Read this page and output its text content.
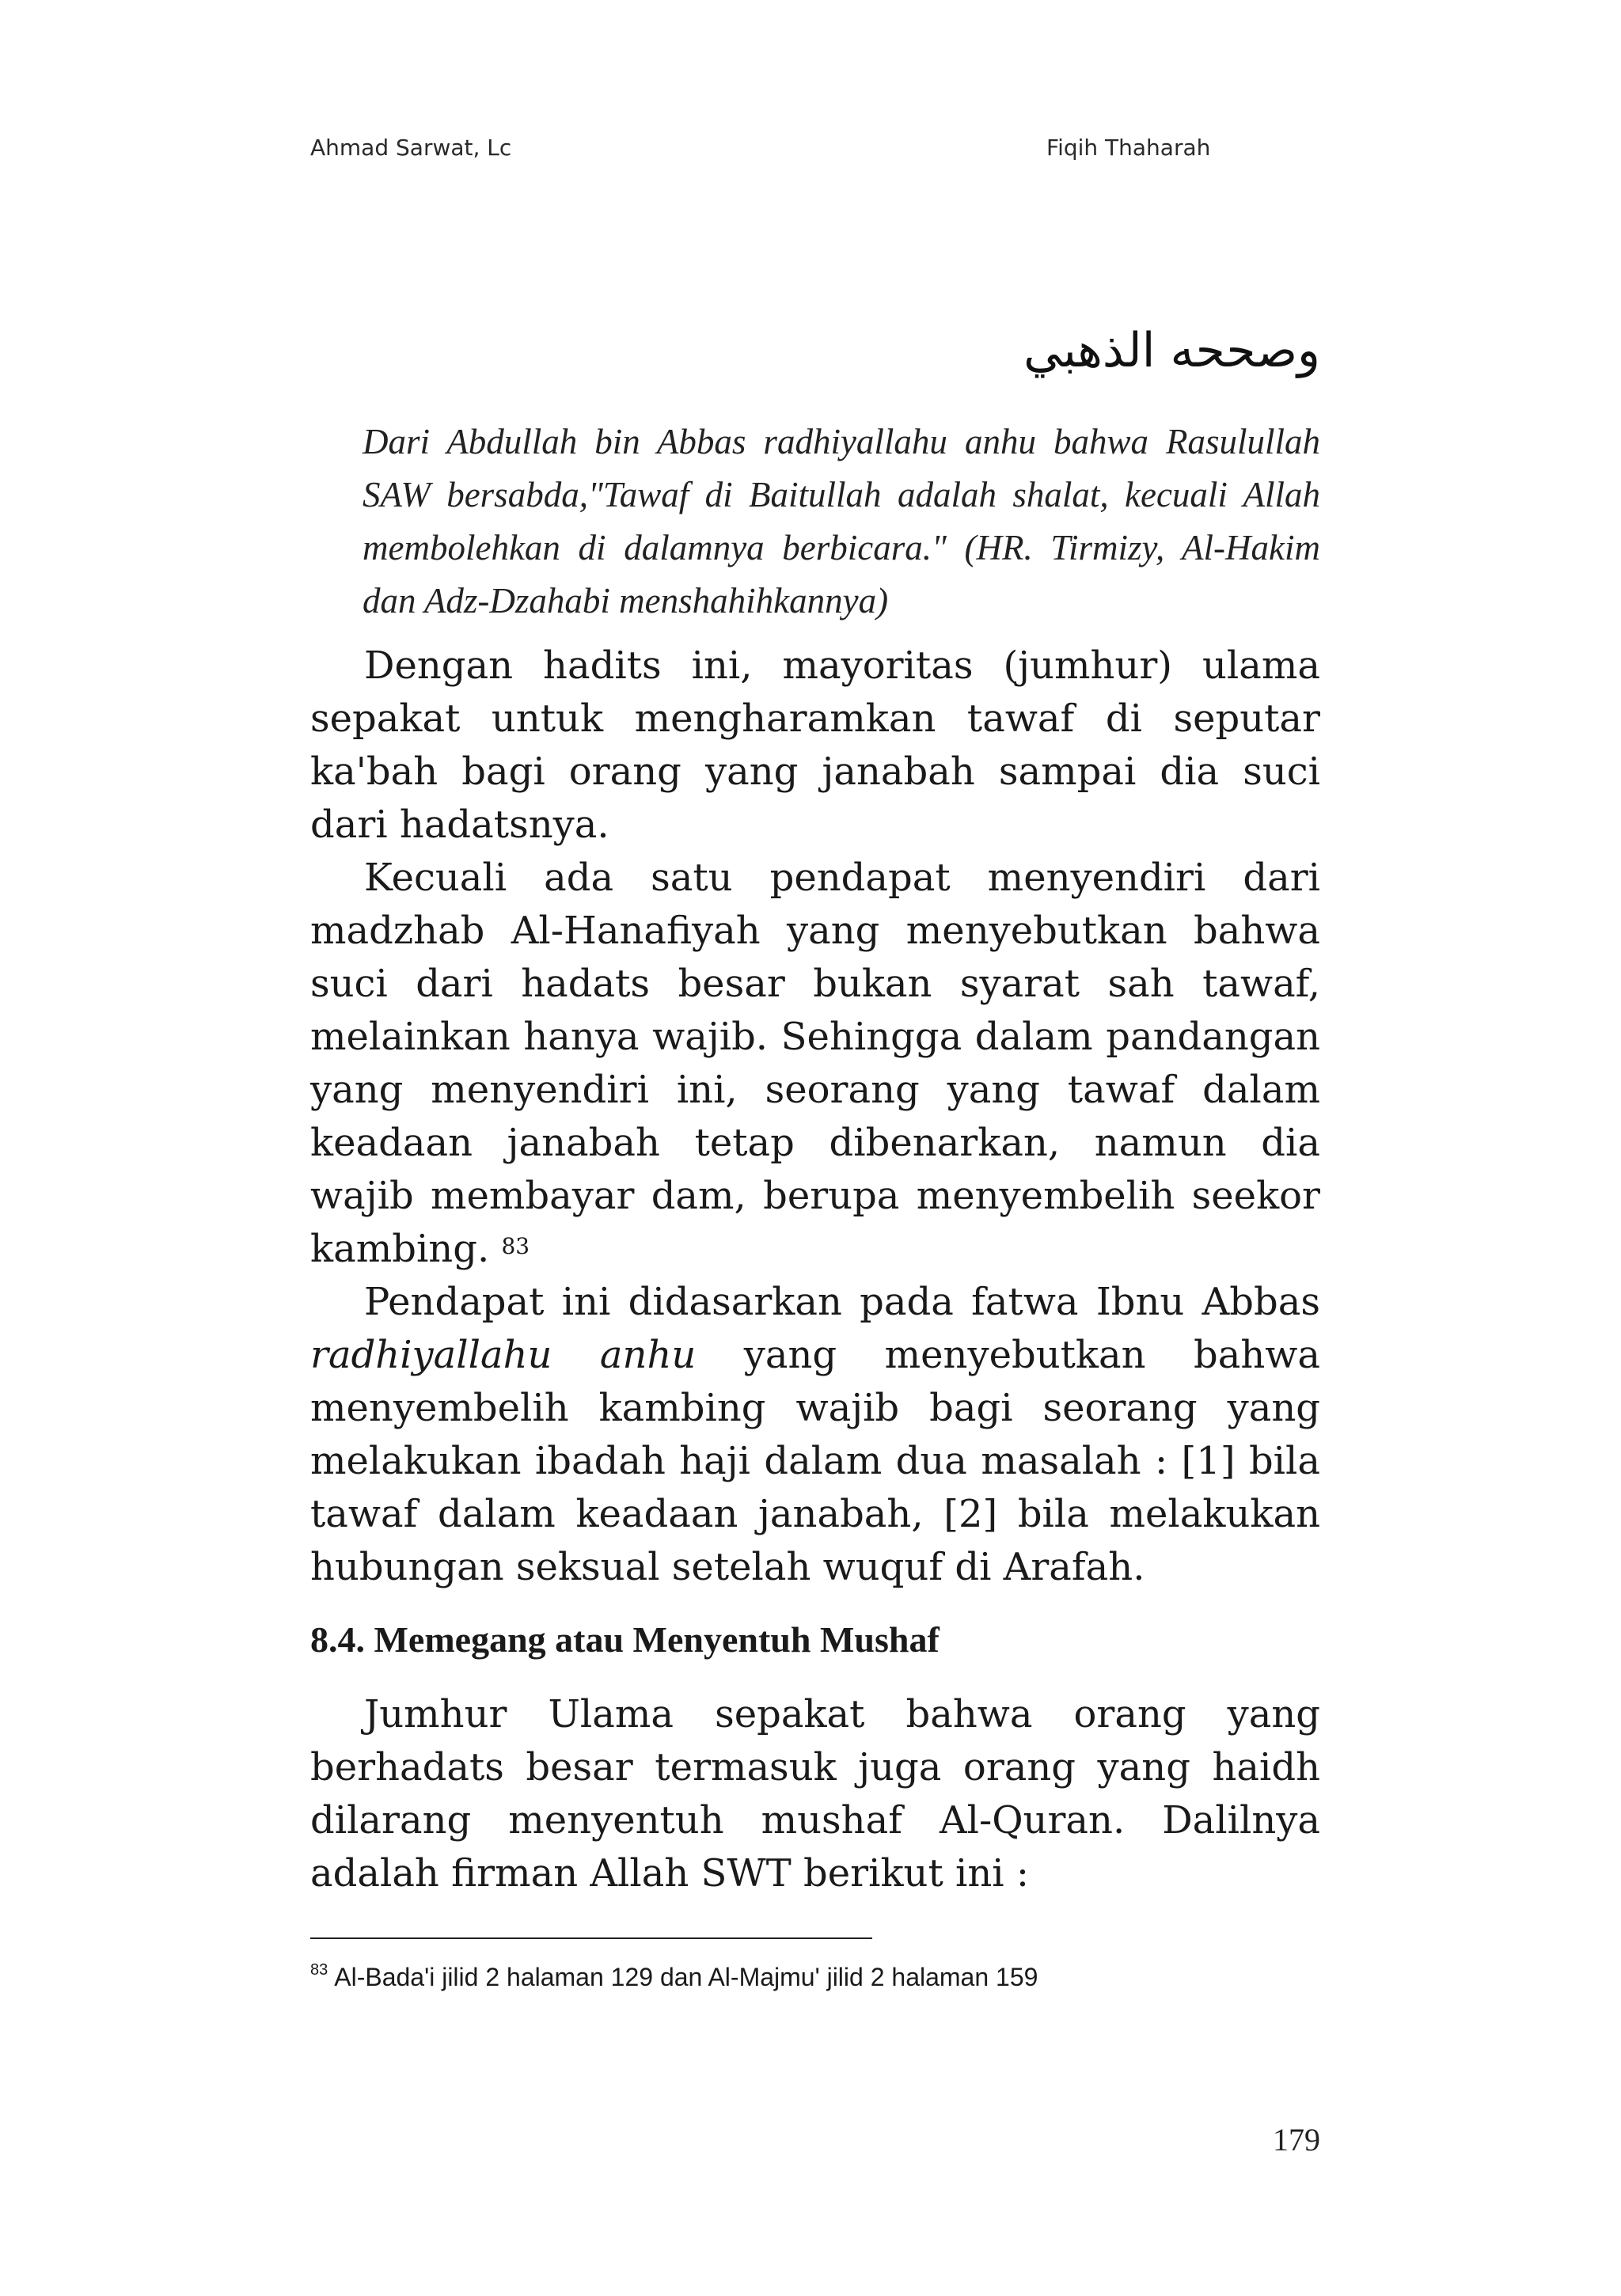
Ahmad Sarwat, Lc	Fiqih Thaharah
وصححه الذهبي

Dari Abdullah bin Abbas radhiyallahu anhu bahwa Rasulullah SAW bersabda,"Tawaf di Baitullah adalah shalat, kecuali Allah membolehkan di dalamnya berbicara." (HR. Tirmizy, Al-Hakim dan Adz-Dzahabi menshahihkannya)

Dengan hadits ini, mayoritas (jumhur) ulama sepakat untuk mengharamkan tawaf di seputar ka'bah bagi orang yang janabah sampai dia suci dari hadatsnya.

Kecuali ada satu pendapat menyendiri dari madzhab Al-Hanafiyah yang menyebutkan bahwa suci dari hadats besar bukan syarat sah tawaf, melainkan hanya wajib. Sehingga dalam pandangan yang menyendiri ini, seorang yang tawaf dalam keadaan janabah tetap dibenarkan, namun dia wajib membayar dam, berupa menyembelih seekor kambing. $^{83}$

Pendapat ini didasarkan pada fatwa Ibnu Abbas radhiyallahu anhu yang menyebutkan bahwa menyembelih kambing wajib bagi seorang yang melakukan ibadah haji dalam dua masalah : [1] bila tawaf dalam keadaan janabah, [2] bila melakukan hubungan seksual setelah wuquf di Arafah.

8.4. Memegang atau Menyentuh Mushaf

Jumhur Ulama sepakat bahwa orang yang berhadats besar termasuk juga orang yang haidh dilarang menyentuh mushaf Al-Quran. Dalilnya adalah firman Allah SWT berikut ini :

$^{83}$ Al-Bada'i jilid 2 halaman 129 dan Al-Majmu' jilid 2 halaman 159
179
